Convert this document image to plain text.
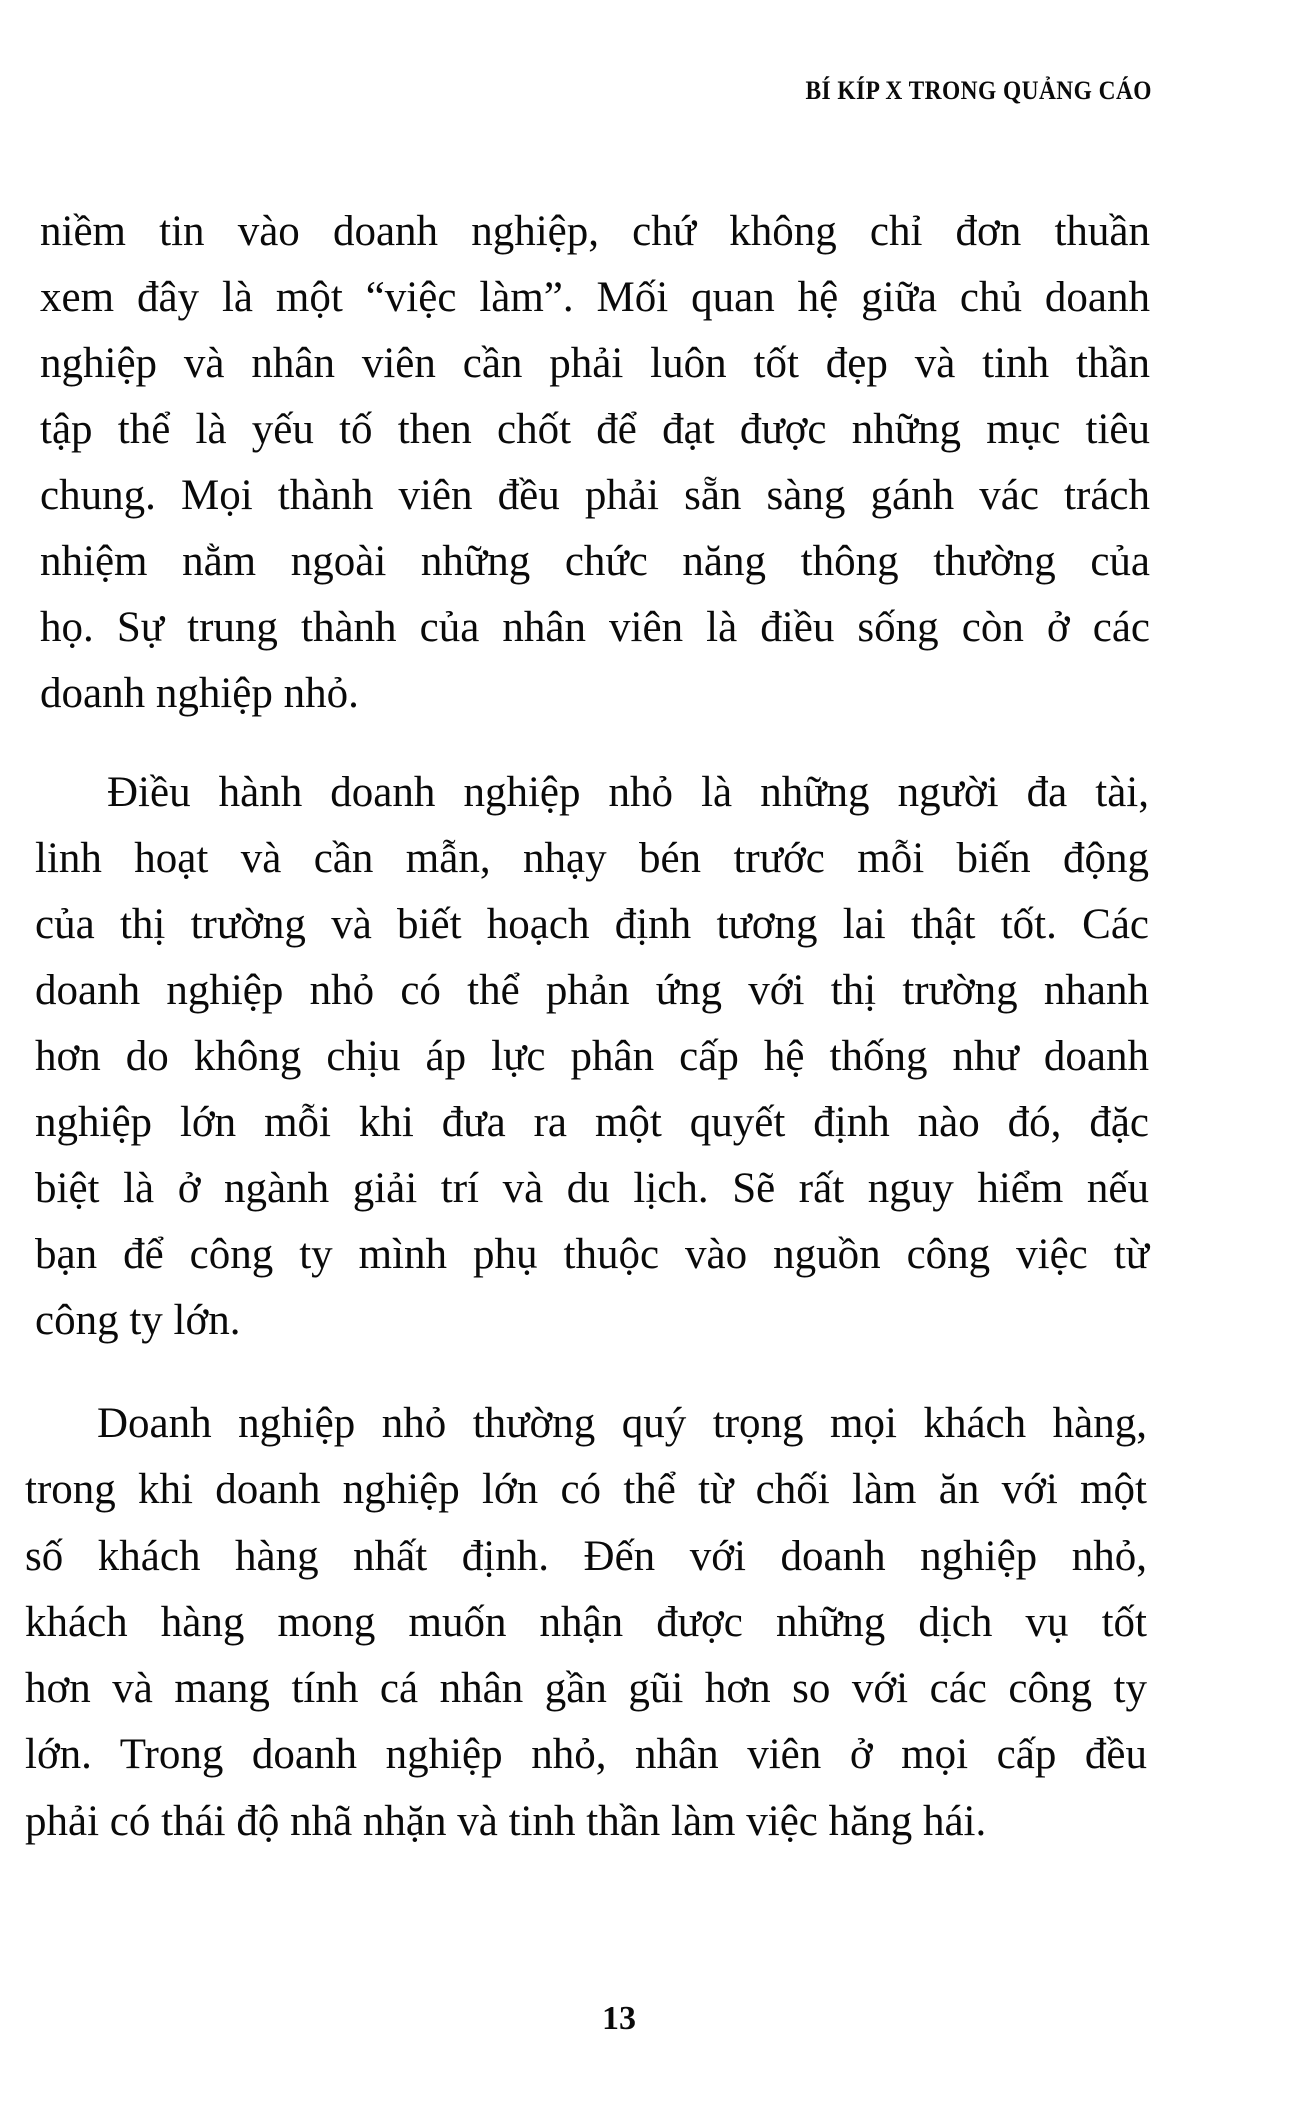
BÍ KÍP X TRONG QUẢNG CÁO
niềm tin vào doanh nghiệp, chứ không chỉ đơn thuần
xem đây là một “việc làm”. Mối quan hệ giữa chủ doanh
nghiệp và nhân viên cần phải luôn tốt đẹp và tinh thần
tập thể là yếu tố then chốt để đạt được những mục tiêu
chung. Mọi thành viên đều phải sẵn sàng gánh vác trách
nhiệm nằm ngoài những chức năng thông thường của
họ. Sự trung thành của nhân viên là điều sống còn ở các
doanh nghiệp nhỏ.
Điều hành doanh nghiệp nhỏ là những người đa tài,
linh hoạt và cần mẫn, nhạy bén trước mỗi biến động
của thị trường và biết hoạch định tương lai thật tốt. Các
doanh nghiệp nhỏ có thể phản ứng với thị trường nhanh
hơn do không chịu áp lực phân cấp hệ thống như doanh
nghiệp lớn mỗi khi đưa ra một quyết định nào đó, đặc
biệt là ở ngành giải trí và du lịch. Sẽ rất nguy hiểm nếu
bạn để công ty mình phụ thuộc vào nguồn công việc từ
công ty lớn.
Doanh nghiệp nhỏ thường quý trọng mọi khách hàng,
trong khi doanh nghiệp lớn có thể từ chối làm ăn với một
số khách hàng nhất định. Đến với doanh nghiệp nhỏ,
khách hàng mong muốn nhận được những dịch vụ tốt
hơn và mang tính cá nhân gần gũi hơn so với các công ty
lớn. Trong doanh nghiệp nhỏ, nhân viên ở mọi cấp đều
phải có thái độ nhã nhặn và tinh thần làm việc hăng hái.
13
